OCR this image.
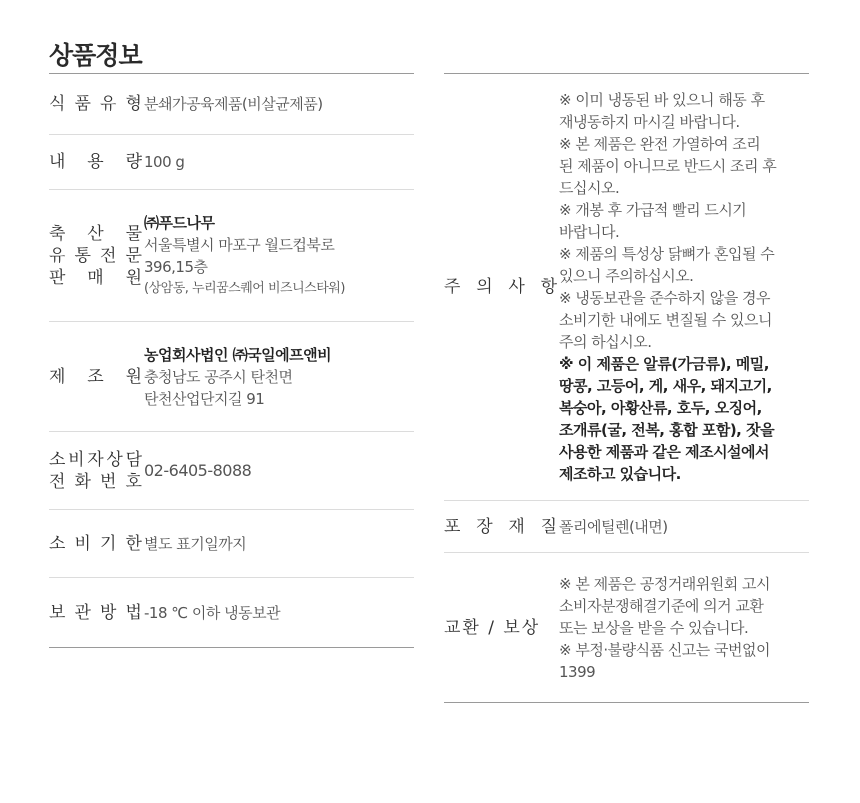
상품정보
식 품 유 형 분쇄가공육제품(비살균제품)
내 용 량 100 g
축 산 물
유 통 전 문
판 매 원

㈜푸드나무

서울특별시 마포구 월드컵북로

396,15층

(상암동, 누리꿈스퀘어 비즈니스타워)

제 조 원

농업회사법인 ㈜국일에프앤비

충청남도 공주시 탄천면

탄천산업단지길 91

소 비 자 상 담
전 화 번 호
02-6405-8088
소 비 기 한 별도 표기일까지
보 관 방 법 -18 ℃ 이하 냉동보관
주 의 사 항

※ 이미 냉동된 바 있으니 해동 후

재냉동하지 마시길 바랍니다.

※ 본 제품은 완전 가열하여 조리

된 제품이 아니므로 반드시 조리 후

드십시오.

※ 개봉 후 가급적 빨리 드시기

바랍니다.

※ 제품의 특성상 닭뼈가 혼입될 수

있으니 주의하십시오.

※ 냉동보관을 준수하지 않을 경우

소비기한 내에도 변질될 수 있으니

주의 하십시오.

※ 이 제품은 알류(가금류), 메밀,

땅콩, 고등어, 게, 새우, 돼지고기,

복숭아, 아황산류, 호두, 오징어,

조개류(굴, 전복, 홍합 포함), 잣을

사용한 제품과 같은 제조시설에서

제조하고 있습니다.

포 장 재 질 폴리에틸렌(내면)
교환 / 보상

※ 본 제품은 공정거래위원회 고시

소비자분쟁해결기준에 의거 교환

또는 보상을 받을 수 있습니다.

※ 부정·불량식품 신고는 국번없이

1399
